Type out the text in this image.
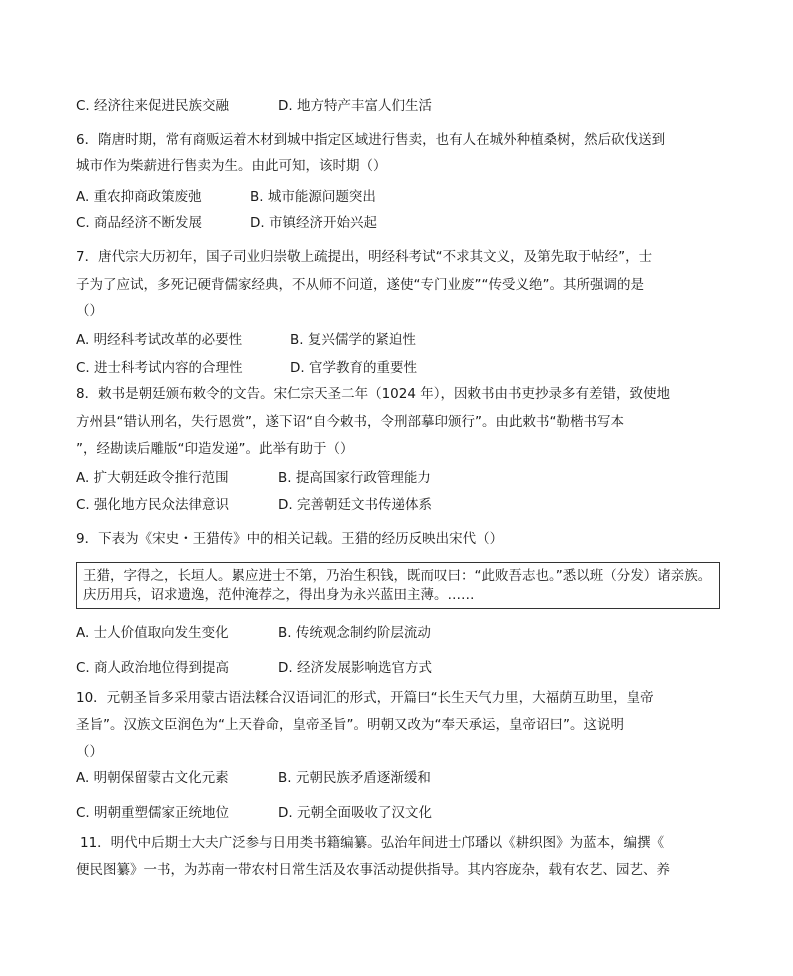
C. 经济往来促进民族交融	D. 地方特产丰富人们生活
6．隋唐时期，常有商贩运着木材到城中指定区域进行售卖，也有人在城外种植桑树，然后砍伐送到
城市作为柴薪进行售卖为生。由此可知，该时期（）
A. 重农抑商政策废弛	B. 城市能源问题突出
C. 商品经济不断发展	D. 市镇经济开始兴起
7．唐代宗大历初年，国子司业归崇敬上疏提出，明经科考试“不求其文义，及第先取于帖经”，士
子为了应试，多死记硬背儒家经典，不从师不问道，遂使“专门业废”“传受义绝”。其所强调的是
（）
A. 明经科考试改革的必要性	B. 复兴儒学的紧迫性
C. 进士科考试内容的合理性	D. 官学教育的重要性
8．敕书是朝廷颁布敕令的文告。宋仁宗天圣二年（1024 年），因敕书由书吏抄录多有差错，致使地
方州县“错认刑名，失行恩赏”，遂下诏“自今敕书，令刑部摹印颁行”。由此敕书“勒楷书写本
”，经勘读后雕版“印造发递”。此举有助于（）
A. 扩大朝廷政令推行范围	B. 提高国家行政管理能力
C. 强化地方民众法律意识	D. 完善朝廷文书传递体系
9．下表为《宋史・王猎传》中的相关记载。王猎的经历反映出宋代（）
王猎，字得之，长垣人。累应进士不第，乃治生积钱，既而叹曰：“此败吾志也。”悉以班（分发）诸亲族。
庆历用兵，诏求遗逸，范仲淹荐之，得出身为永兴蓝田主薄。……
A. 士人价值取向发生变化	B. 传统观念制约阶层流动
C. 商人政治地位得到提高	D. 经济发展影响选官方式
10．元朝圣旨多采用蒙古语法糅合汉语词汇的形式，开篇曰“长生天气力里，大福荫互助里，皇帝
圣旨”。汉族文臣润色为“上天眷命，皇帝圣旨”。明朝又改为“奉天承运，皇帝诏曰”。这说明
（）
A. 明朝保留蒙古文化元素	B. 元朝民族矛盾逐渐缓和
C. 明朝重塑儒家正统地位	D. 元朝全面吸收了汉文化
11．明代中后期士大夫广泛参与日用类书籍编纂。弘治年间进士邝璠以《耕织图》为蓝本，编撰《
便民图纂》一书，为苏南一带农村日常生活及农事活动提供指导。其内容庞杂，载有农艺、园艺、养
